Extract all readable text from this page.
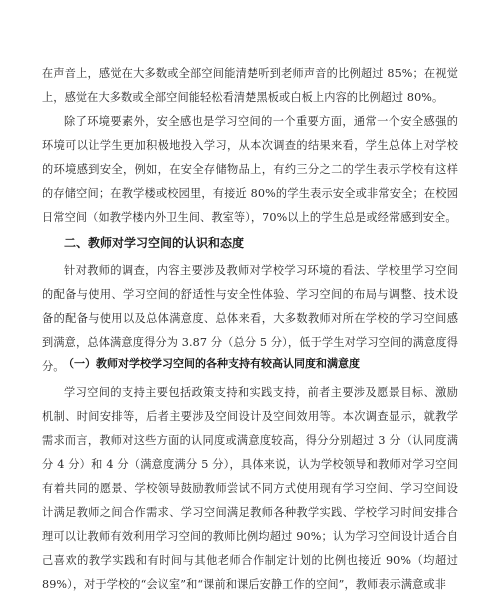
在声音上，感觉在大多数或全部空间能清楚听到老师声音的比例超过 85%；在视觉上，感觉在大多数或全部空间能轻松看清楚黑板或白板上内容的比例超过 80%。

除了环境要素外，安全感也是学习空间的一个重要方面，通常一个安全感强的环境可以让学生更加积极地投入学习，从本次调查的结果来看，学生总体上对学校的环境感到安全，例如，在安全存储物品上，有约三分之二的学生表示学校有这样的存储空间；在教学楼或校园里，有接近 80%的学生表示安全或非常安全；在校园日常空间（如教学楼内外卫生间、教室等），70%以上的学生总是或经常感到安全。

二、教师对学习空间的认识和态度

针对教师的调查，内容主要涉及教师对学校学习环境的看法、学校里学习空间的配备与使用、学习空间的舒适性与安全性体验、学习空间的布局与调整、技术设备的配备与使用以及总体满意度、总体来看，大多数教师对所在学校的学习空间感到满意，总体满意度得分为 3.87 分（总分 5 分），低于学生对学习空间的满意度得分。

（一）教师对学校学习空间的各种支持有较高认同度和满意度

学习空间的支持主要包括政策支持和实践支持，前者主要涉及愿景目标、激励机制、时间安排等，后者主要涉及空间设计及空间效用等。本次调查显示，就教学需求而言，教师对这些方面的认同度或满意度较高，得分分别超过 3 分（认同度满分 4 分）和 4 分（满意度满分 5 分），具体来说，认为学校领导和教师对学习空间有着共同的愿景、学校领导鼓励教师尝试不同方式使用现有学习空间、学习空间设计满足教师之间合作需求、学习空间满足教师各种教学实践、学校学习时间安排合理可以让教师有效利用学习空间的教师比例均超过 90%；认为学习空间设计适合自己喜欢的教学实践和有时间与其他老师合作制定计划的比例也接近 90%（均超过 89%），对于学校的“会议室”和“课前和课后安静工作的空间”，教师表示满意或非
